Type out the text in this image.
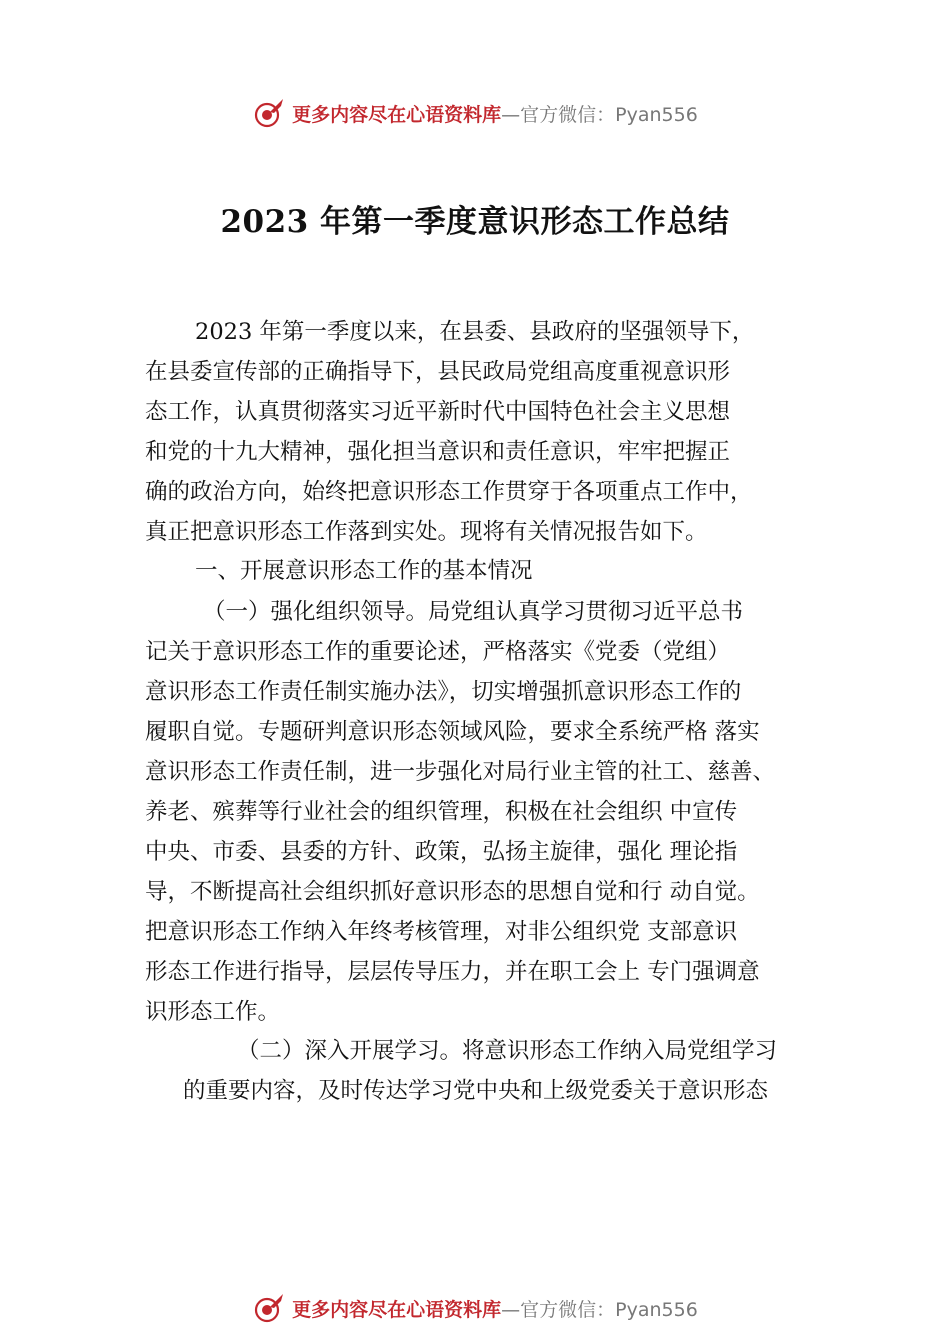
更多内容尽在心语资料库 —官方微信：Pyan556
2023 年第一季度意识形态工作总结
2023 年第一季度以来，在县委、县政府的坚强领导下，
在县委宣传部的正确指导下，县民政局党组高度重视意识形
态工作，认真贯彻落实习近平新时代中国特色社会主义思想
和党的十九大精神，强化担当意识和责任意识，牢牢把握正
确的政治方向，始终把意识形态工作贯穿于各项重点工作中，
真正把意识形态工作落到实处。现将有关情况报告如下。
一、开展意识形态工作的基本情况
（一）强化组织领导。局党组认真学习贯彻习近平总书
记关于意识形态工作的重要论述，严格落实《党委（党组）
意识形态工作责任制实施办法》，切实增强抓意识形态工作的
履职自觉。专题研判意识形态领域风险，要求全系统严格 落实
意识形态工作责任制，进一步强化对局行业主管的社工、慈善、
养老、殡葬等行业社会的组织管理，积极在社会组织 中宣传
中央、市委、县委的方针、政策，弘扬主旋律，强化 理论指
导，不断提高社会组织抓好意识形态的思想自觉和行 动自觉。
把意识形态工作纳入年终考核管理，对非公组织党 支部意识
形态工作进行指导，层层传导压力，并在职工会上 专门强调意
识形态工作。
（二）深入开展学习。将意识形态工作纳入局党组学习
的重要内容，及时传达学习党中央和上级党委关于意识形态
更多内容尽在心语资料库 —官方微信：Pyan556
